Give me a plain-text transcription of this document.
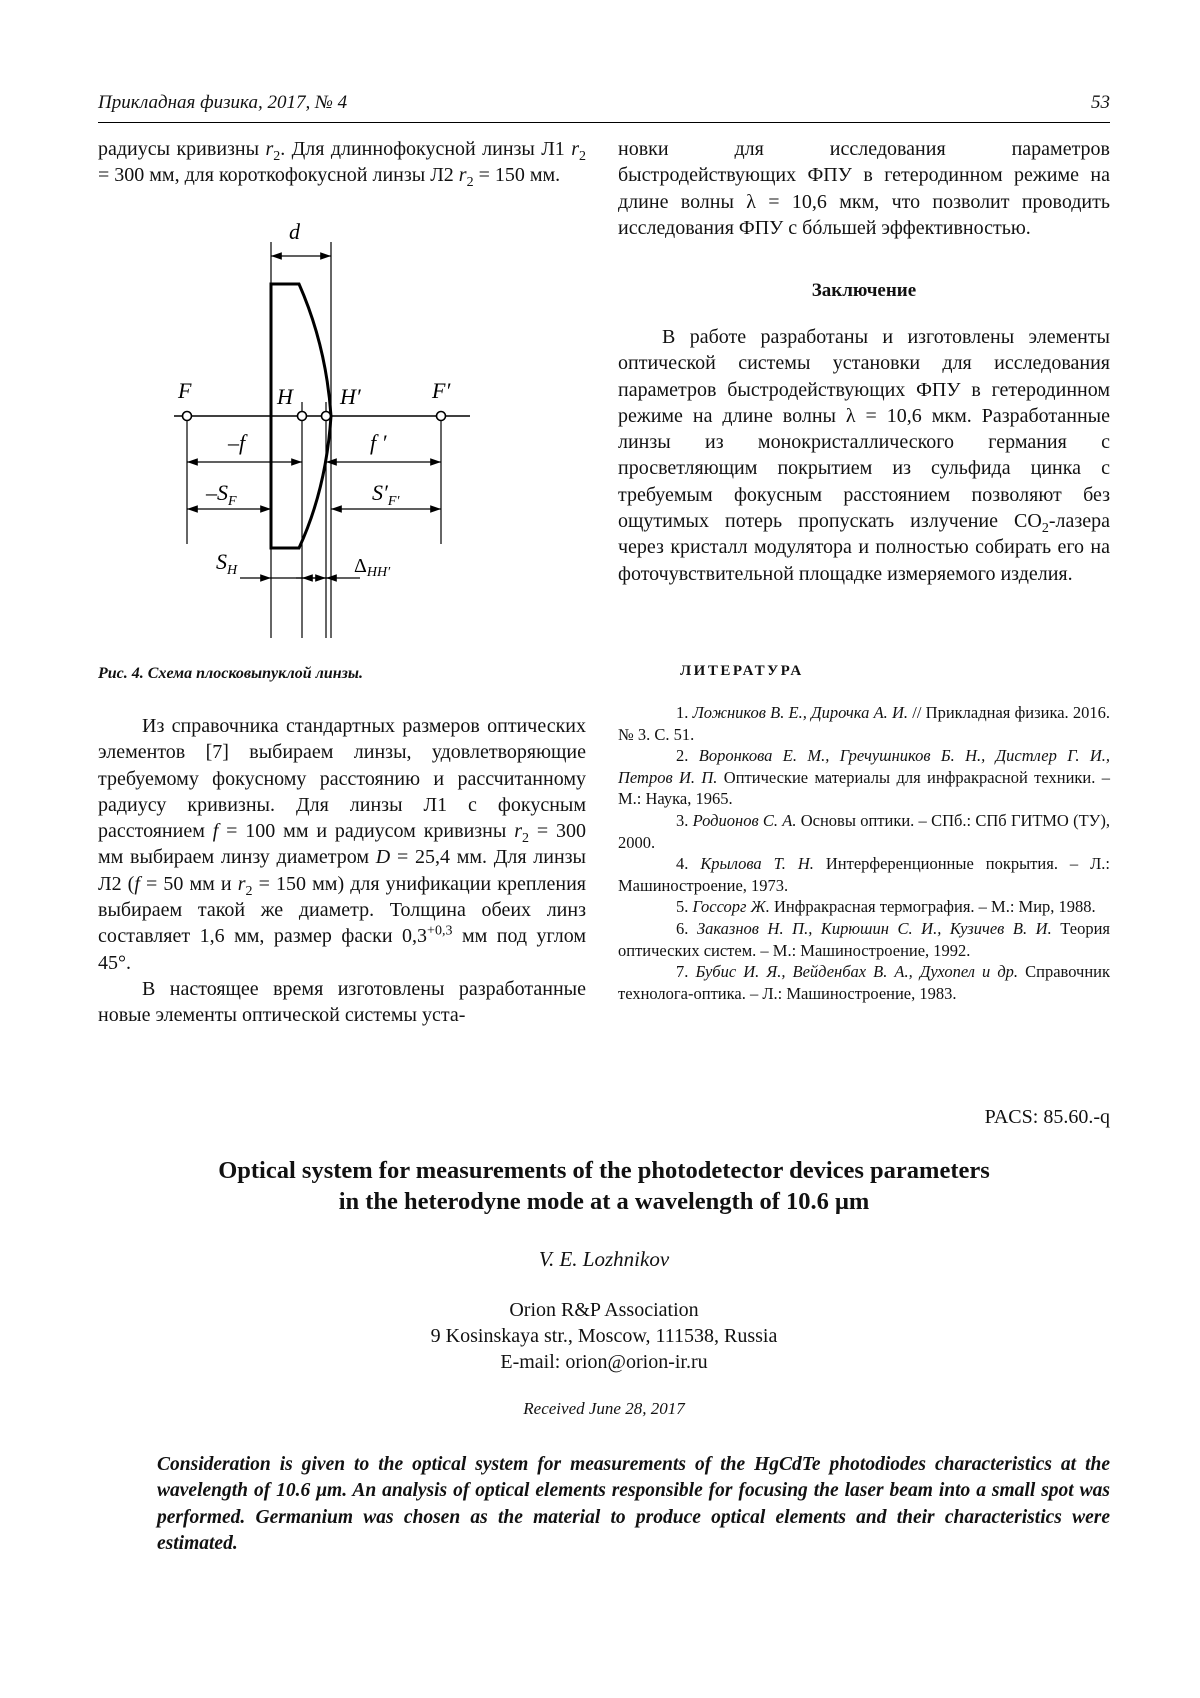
Прикладная физика, 2017, № 4	53

радиусы кривизны $r_2$. Для длиннофокусной линзы Л1 $r_2 = 300$ мм, для короткофокусной линзы Л2 $r_2 = 150$ мм.

d
F	H H′	F′
–f	f ′
$-S_F$	$S'_{F'}$
$S_H$	$\Delta_{HH'}$
Рис. 4. Схема плосковыпуклой линзы.

Из справочника стандартных размеров оптических элементов [7] выбираем линзы, удовлетворяющие требуемому фокусному расстоянию и рассчитанному радиусу кривизны. Для линзы Л1 с фокусным расстоянием f = 100 мм и радиусом кривизны $r_2 = 300$ мм выбираем линзу диаметром D = 25,4 мм. Для линзы Л2 (f = 50 мм и $r_2 = 150$ мм) для унификации крепления выбираем такой же диаметр. Толщина обеих линз составляет 1,6 мм, размер фаски $0,3^{+0,3}$ мм под углом 45°.

В настоящее время изготовлены разработанные новые элементы оптической системы уста-

новки для исследования параметров быстродействующих ФПУ в гетеродинном режиме на длине волны λ = 10,6 мкм, что позволит проводить исследования ФПУ с бóльшей эффективностью.
Заключение

В работе разработаны и изготовлены элементы оптической системы установки для исследования параметров быстродействующих ФПУ в гетеродинном режиме на длине волны λ = 10,6 мкм. Разработанные линзы из монокристаллического германия с просветляющим покрытием из сульфида цинка с требуемым фокусным расстоянием позволяют без ощутимых потерь пропускать излучение $CO_2$-лазера через кристалл модулятора и полностью собирать его на фоточувствительной площадке измеряемого изделия.

ЛИТЕРАТУРА

1. Ложников В. Е., Дирочка А. И. // Прикладная физика. 2016. № 3. С. 51.

2. Воронкова Е. М., Гречушников Б. Н., Дистлер Г. И., Петров И. П. Оптические материалы для инфракрасной техники. – М.: Наука, 1965.

3. Родионов С. А. Основы оптики. – СПб.: СПб ГИТМО (ТУ), 2000.

4. Крылова Т. Н. Интерференционные покрытия. – Л.: Машиностроение, 1973.

5. Госсорг Ж. Инфракрасная термография. – М.: Мир, 1988.

6. Заказнов Н. П., Кирюшин С. И., Кузичев В. И. Теория оптических систем. – М.: Машиностроение, 1992.

7. Бубис И. Я., Вейденбах В. А., Духопел и др. Справочник технолога-оптика. – Л.: Машиностроение, 1983.

PACS: 85.60.-q
Optical system for measurements of the photodetector devices parameters
in the heterodyne mode at a wavelength of 10.6 μm
V. E. Lozhnikov
Orion R&P Association
9 Kosinskaya str., Moscow, 111538, Russia
E-mail: orion@orion-ir.ru
Received June 28, 2017
Consideration is given to the optical system for measurements of the HgCdTe photodiodes characteristics at the wavelength of 10.6 μm. An analysis of optical elements responsible for focusing the laser beam into a small spot was performed. Germanium was chosen as the material to produce optical elements and their characteristics were estimated.
